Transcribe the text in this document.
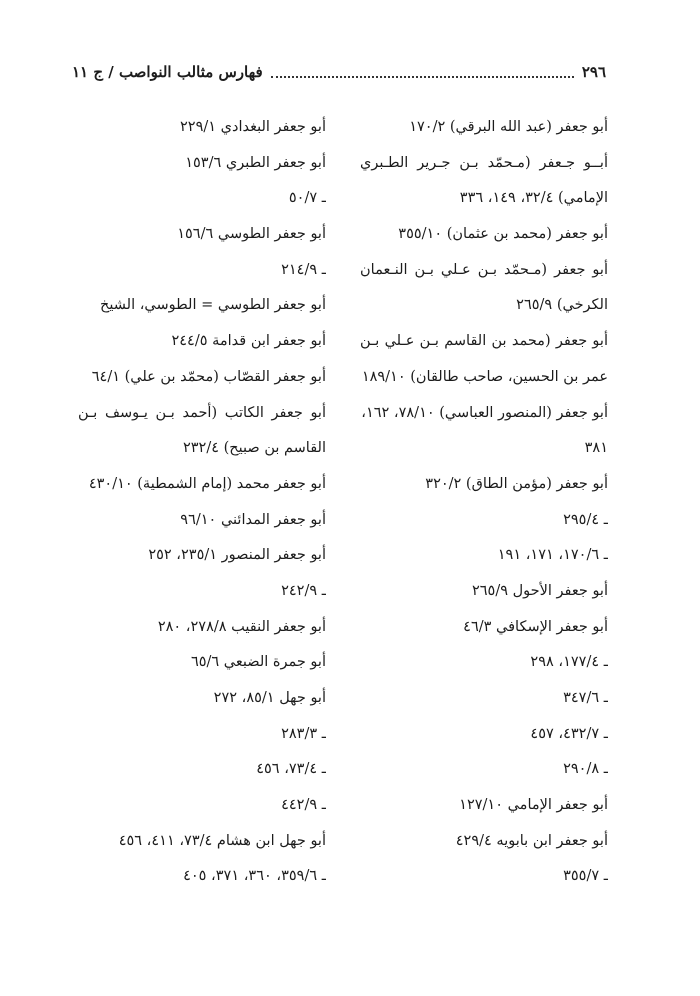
٢٩٦
فهارس مثالب النواصب / ج ١١
أبو جعفر (عبد الله البرقي) ١٧٠/٢
أبــو جـعفر (مـحمّد بـن جـرير الطـبري
الإمامي) ٣٢/٤، ١٤٩، ٣٣٦
أبو جعفر (محمد بن عثمان) ٣٥٥/١٠
أبو جعفر (مـحمّد بـن عـلي بـن النـعمان
الكرخي) ٢٦٥/٩
أبو جعفر (محمد بن القاسم بـن عـلي بـن
عمر بن الحسين، صاحب طالقان) ١٨٩/١٠
أبو جعفر (المنصور العباسي) ٧٨/١٠، ١٦٢،
٣٨١
أبو جعفر (مؤمن الطاق) ٣٢٠/٢
ـ ٢٩٥/٤
ـ ١٧٠/٦، ١٧١، ١٩١
أبو جعفر الأحول ٢٦٥/٩
أبو جعفر الإسكافي ٤٦/٣
ـ ١٧٧/٤، ٢٩٨
ـ ٣٤٧/٦
ـ ٤٣٢/٧، ٤٥٧
ـ ٢٩٠/٨
أبو جعفر الإمامي ١٢٧/١٠
أبو جعفر ابن بابويه ٤٢٩/٤
ـ ٣٥٥/٧
أبو جعفر البغدادي ٢٢٩/١
أبو جعفر الطبري ١٥٣/٦
ـ ٥٠/٧
أبو جعفر الطوسي ١٥٦/٦
ـ ٢١٤/٩
أبو جعفر الطوسي = الطوسي، الشيخ
أبو جعفر ابن قدامة ٢٤٤/٥
أبو جعفر القصّاب (محمّد بن علي) ٦٤/١
أبو جعفر الكاتب (أحمد بـن يـوسف بـن
القاسم بن صبيح) ٢٣٢/٤
أبو جعفر محمد (إمام الشمطية) ٤٣٠/١٠
أبو جعفر المدائني ٩٦/١٠
أبو جعفر المنصور ٢٣٥/١، ٢٥٢
ـ ٢٤٢/٩
أبو جعفر النقيب ٢٧٨/٨، ٢٨٠
أبو جمرة الضبعي ٦٥/٦
أبو جهل ٨٥/١، ٢٧٢
ـ ٢٨٣/٣
ـ ٧٣/٤، ٤٥٦
ـ ٤٤٢/٩
أبو جهل ابن هشام ٧٣/٤، ٤١١، ٤٥٦
ـ ٣٥٩/٦، ٣٦٠، ٣٧١، ٤٠٥
